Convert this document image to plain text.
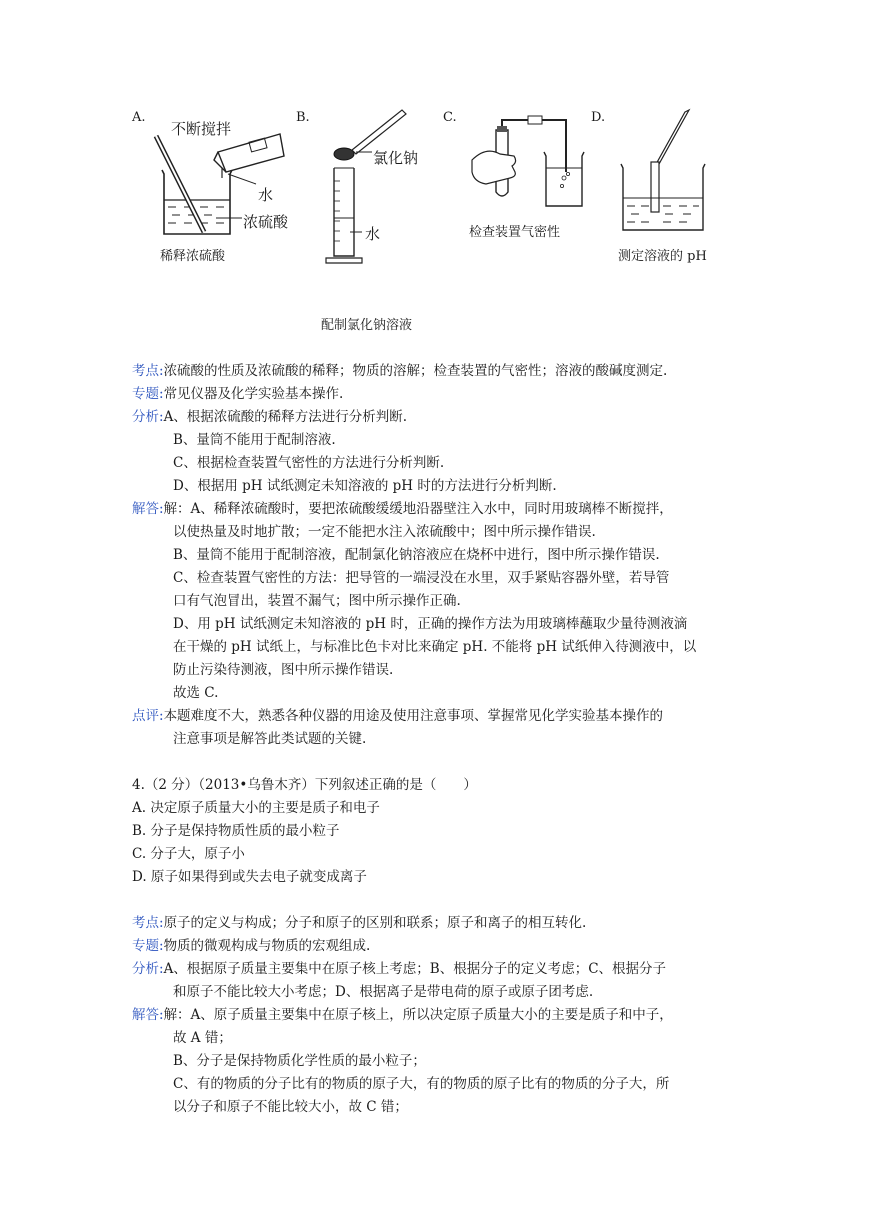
A.
不断搅拌
水
浓硫酸
稀释浓硫酸
B.
氯化钠
水
C.
检查装置气密性
D.
测定溶液的 pH
配制氯化钠溶液
考点:浓硫酸的性质及浓硫酸的稀释；物质的溶解；检查装置的气密性；溶液的酸碱度测定.
专题:常见仪器及化学实验基本操作.
分析:A、根据浓硫酸的稀释方法进行分析判断.
B、量筒不能用于配制溶液.
C、根据检查装置气密性的方法进行分析判断.
D、根据用 pH 试纸测定未知溶液的 pH 时的方法进行分析判断.
解答:解：A、稀释浓硫酸时，要把浓硫酸缓缓地沿器壁注入水中，同时用玻璃棒不断搅拌，
以使热量及时地扩散；一定不能把水注入浓硫酸中；图中所示操作错误.
B、量筒不能用于配制溶液，配制氯化钠溶液应在烧杯中进行，图中所示操作错误.
C、检查装置气密性的方法：把导管的一端浸没在水里，双手紧贴容器外壁，若导管
口有气泡冒出，装置不漏气；图中所示操作正确.
D、用 pH 试纸测定未知溶液的 pH 时，正确的操作方法为用玻璃棒蘸取少量待测液滴
在干燥的 pH 试纸上，与标准比色卡对比来确定 pH. 不能将 pH 试纸伸入待测液中，以
防止污染待测液，图中所示操作错误.
故选 C.
点评:本题难度不大，熟悉各种仪器的用途及使用注意事项、掌握常见化学实验基本操作的
注意事项是解答此类试题的关键.
4.（2 分）（2013•乌鲁木齐）下列叙述正确的是（　　）
A. 决定原子质量大小的主要是质子和电子
B. 分子是保持物质性质的最小粒子
C. 分子大，原子小
D. 原子如果得到或失去电子就变成离子
考点:原子的定义与构成；分子和原子的区别和联系；原子和离子的相互转化.
专题:物质的微观构成与物质的宏观组成.
分析:A、根据原子质量主要集中在原子核上考虑；B、根据分子的定义考虑；C、根据分子
和原子不能比较大小考虑；D、根据离子是带电荷的原子或原子团考虑.
解答:解：A、原子质量主要集中在原子核上，所以决定原子质量大小的主要是质子和中子，
故 A 错；
B、分子是保持物质化学性质的最小粒子；
C、有的物质的分子比有的物质的原子大，有的物质的原子比有的物质的分子大，所
以分子和原子不能比较大小，故 C 错；
